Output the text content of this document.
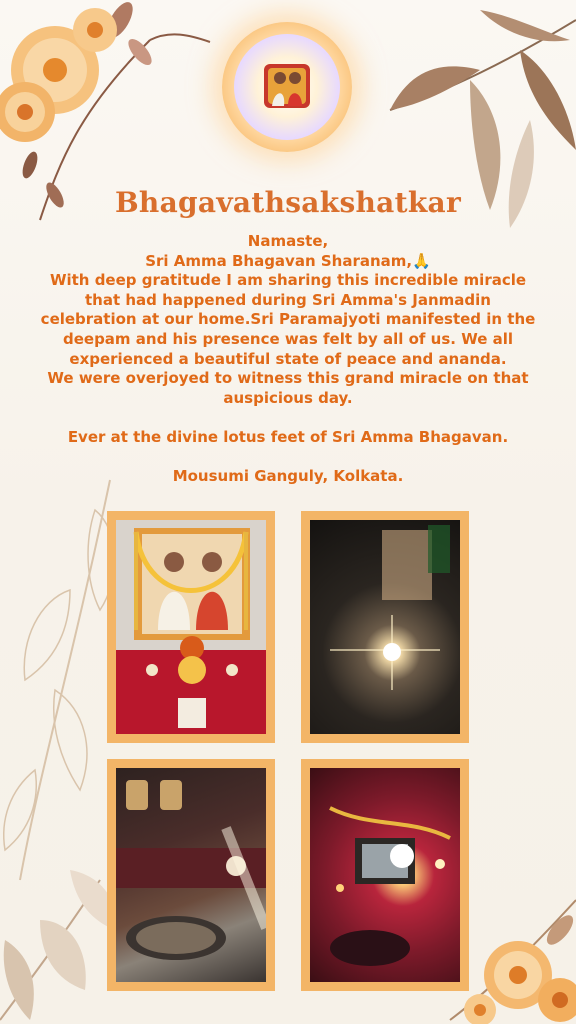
Bhagavathsakshatkar
Namaste,
Sri Amma Bhagavan Sharanam,🙏
With deep gratitude I am sharing this incredible miracle
that had happened during Sri Amma's Janmadin
celebration at our home.Sri Paramajyoti manifested in the
deepam and his presence was felt by all of us. We all
experienced a beautiful state of peace and ananda.
We were overjoyed to witness this grand miracle on that
auspicious day.
Ever at the divine lotus feet of Sri Amma Bhagavan.
Mousumi Ganguly, Kolkata.
